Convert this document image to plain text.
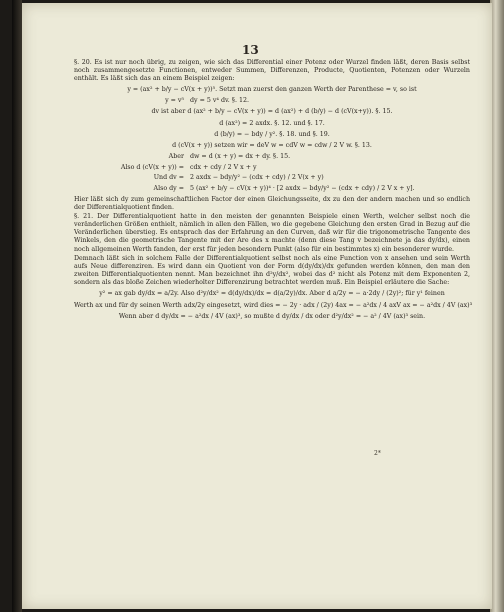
13

§. 20. Es ist nur noch übrig, zu zeigen, wie sich das Differential einer Potenz oder Wurzel finden läßt, deren Basis selbst noch zusammengesetzte Functionen, entweder Summen, Differenzen, Producte, Quotienten, Potenzen oder Wurzeln enthält. Es läßt sich das an einem Beispiel zeigen:

y = (ax² + b/y − cV(x + y))⁵. Setzt man zuerst den ganzen Werth der Parenthese = v, so ist
y = v⁵ dy = 5 v⁴ dv. §. 12.
dv ist aber d (ax² + b/y − cV(x + y)) = d (ax²) + d (b/y) − d (cV(x+y)). §. 15.
d (ax²) = 2 axdx. §. 12. und §. 17.
d (b/y) = − bdy / y². §. 18. und §. 19.
d (cV(x + y)) setzen wir = deV w = cdV w = cdw / 2 V w. §. 13.
Aber dw = d (x + y) = dx + dy. §. 15.
Also d (cV(x + y)) = cdx + cdy / 2 V x + y
Und dv = 2 axdx − bdy/y² − (cdx + cdy) / 2 V(x + y)
Also dy = 5 (ax² + b/y − cV(x + y))⁴ · [2 axdx − bdy/y² − (cdx + cdy) / 2 V x + y].

Hier läßt sich dy zum gemeinschaftlichen Factor der einen Gleichungsseite, dx zu den der andern machen und so endlich der Differentialquotient finden.

§. 21. Der Differentialquotient hatte in den meisten der genannten Beispiele einen Werth, welcher selbst noch die veränderlichen Größen enthielt, nämlich in allen den Fällen, wo die gegebene Gleichung den ersten Grad in Bezug auf die Veränderlichen überstieg. Es entsprach das der Erfahrung an den Curven, daß wir für die trigonometrische Tangente des Winkels, den die geometrische Tangente mit der Are des x machte (denn diese Tang v bezeichnete ja das dy/dx), einen noch allgemeinen Werth fanden, der erst für jeden besondern Punkt (also für ein bestimmtes x) ein besonderer wurde.

Demnach läßt sich in solchem Falle der Differentialquotient selbst noch als eine Function von x ansehen und sein Werth aufs Neue differenziren. Es wird dann ein Quotient von der Form d(dy/dx)/dx gefunden werden können, den man den zweiten Differentialquotienten nennt. Man bezeichnet ihn d²y/dx², wobei das d² nicht als Potenz mit dem Exponenten 2, sondern als das bloße Zeichen wiederholter Differenzirung betrachtet werden muß. Ein Beispiel erläutere die Sache:

y² = ax gab dy/dx = a/2y. Also d²y/dx² = d(dy/dx)/dx = d(a/2y)/dx. Aber d a/2y = − a·2dy / (2y)²; für y¹ feinen
Werth ax und für dy seinen Werth adx/2y eingesetzt, wird dies = − 2y · adx / (2y) 4ax = − a²dx / 4 axV ax = − a²dx / 4V (ax)³
Wenn aber d dy/dx = − a²dx / 4V (ax)³, so mußte d dy/dx / dx oder d²y/dx² = − a² / 4V (ax)³ sein.
2*
